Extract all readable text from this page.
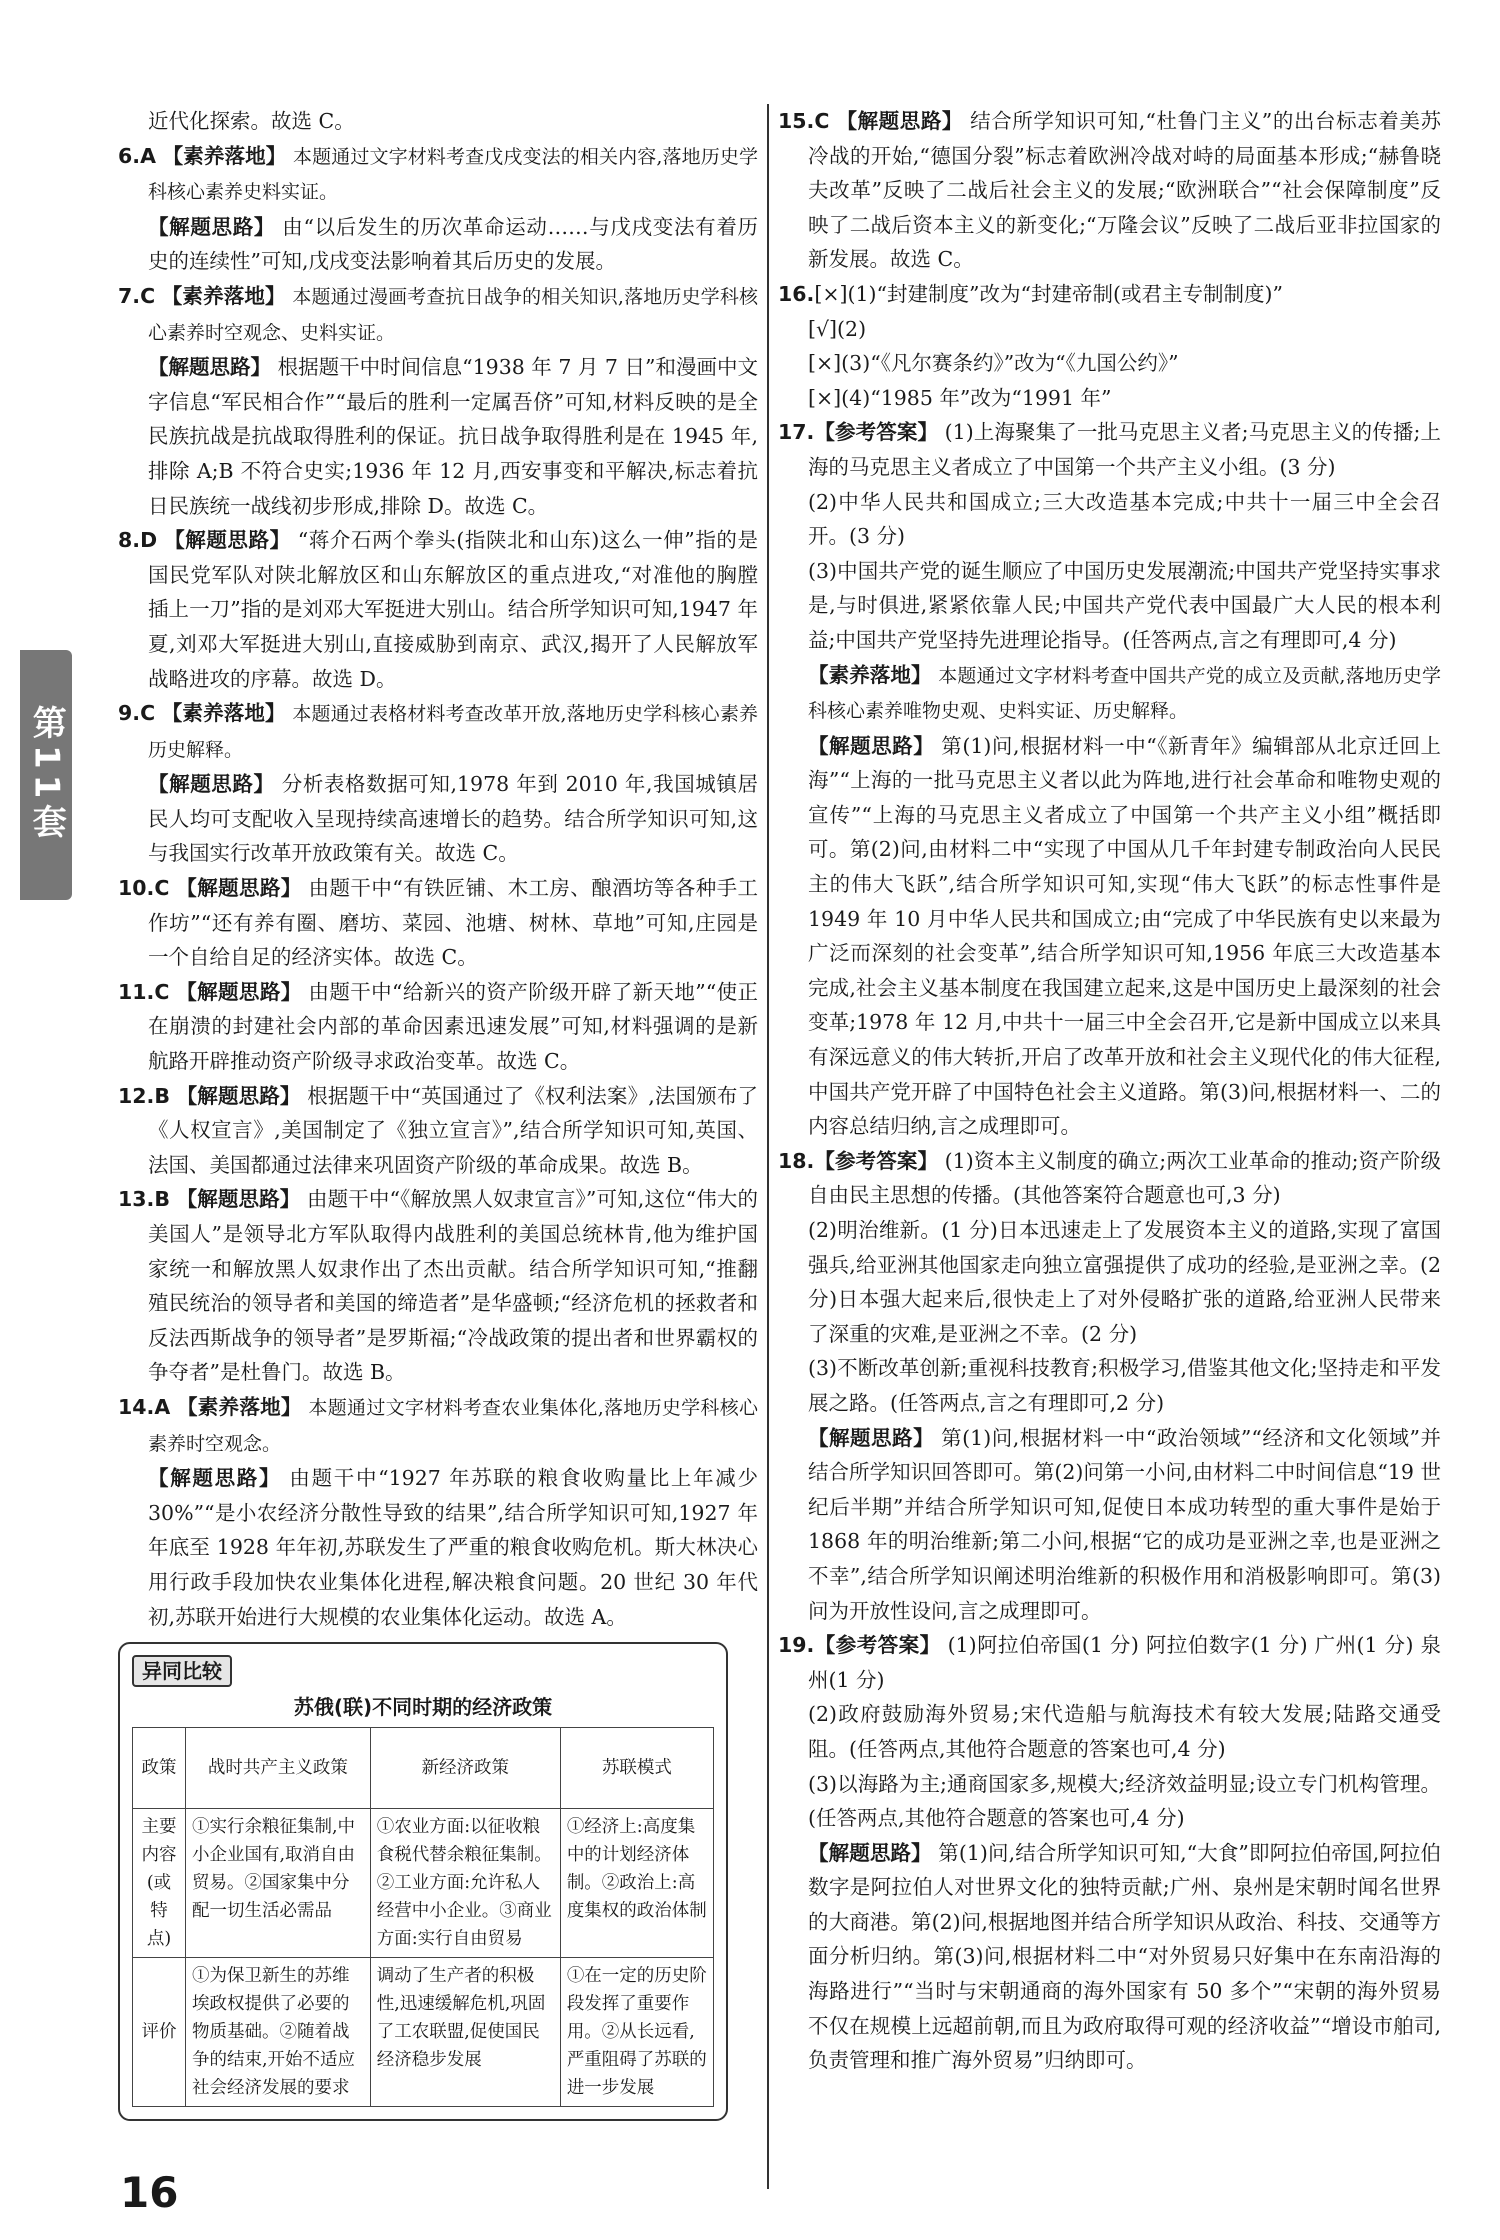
第11套

近代化探索。故选 C。

6.A 【素养落地】 本题通过文字材料考查戊戌变法的相关内容,落地历史学科核心素养史料实证。

【解题思路】 由“以后发生的历次革命运动……与戊戌变法有着历史的连续性”可知,戊戌变法影响着其后历史的发展。

7.C 【素养落地】 本题通过漫画考查抗日战争的相关知识,落地历史学科核心素养时空观念、史料实证。

【解题思路】 根据题干中时间信息“1938 年 7 月 7 日”和漫画中文字信息“军民相合作”“最后的胜利一定属吾侪”可知,材料反映的是全民族抗战是抗战取得胜利的保证。抗日战争取得胜利是在 1945 年,排除 A;B 不符合史实;1936 年 12 月,西安事变和平解决,标志着抗日民族统一战线初步形成,排除 D。故选 C。

8.D 【解题思路】 “蒋介石两个拳头(指陕北和山东)这么一伸”指的是国民党军队对陕北解放区和山东解放区的重点进攻,“对准他的胸膛插上一刀”指的是刘邓大军挺进大别山。结合所学知识可知,1947 年夏,刘邓大军挺进大别山,直接威胁到南京、武汉,揭开了人民解放军战略进攻的序幕。故选 D。

9.C 【素养落地】 本题通过表格材料考查改革开放,落地历史学科核心素养历史解释。

【解题思路】 分析表格数据可知,1978 年到 2010 年,我国城镇居民人均可支配收入呈现持续高速增长的趋势。结合所学知识可知,这与我国实行改革开放政策有关。故选 C。

10.C 【解题思路】 由题干中“有铁匠铺、木工房、酿酒坊等各种手工作坊”“还有养有圈、磨坊、菜园、池塘、树林、草地”可知,庄园是一个自给自足的经济实体。故选 C。

11.C 【解题思路】 由题干中“给新兴的资产阶级开辟了新天地”“使正在崩溃的封建社会内部的革命因素迅速发展”可知,材料强调的是新航路开辟推动资产阶级寻求政治变革。故选 C。

12.B 【解题思路】 根据题干中“英国通过了《权利法案》,法国颁布了《人权宣言》,美国制定了《独立宣言》”,结合所学知识可知,英国、法国、美国都通过法律来巩固资产阶级的革命成果。故选 B。

13.B 【解题思路】 由题干中“《解放黑人奴隶宣言》”可知,这位“伟大的美国人”是领导北方军队取得内战胜利的美国总统林肯,他为维护国家统一和解放黑人奴隶作出了杰出贡献。结合所学知识可知,“推翻殖民统治的领导者和美国的缔造者”是华盛顿;“经济危机的拯救者和反法西斯战争的领导者”是罗斯福;“冷战政策的提出者和世界霸权的争夺者”是杜鲁门。故选 B。

14.A 【素养落地】 本题通过文字材料考查农业集体化,落地历史学科核心素养时空观念。

【解题思路】 由题干中“1927 年苏联的粮食收购量比上年减少 30%”“是小农经济分散性导致的结果”,结合所学知识可知,1927 年年底至 1928 年年初,苏联发生了严重的粮食收购危机。斯大林决心用行政手段加快农业集体化进程,解决粮食问题。20 世纪 30 年代初,苏联开始进行大规模的农业集体化运动。故选 A。

异同比较
苏俄(联)不同时期的经济政策
政策	战时共产主义政策	新经济政策	苏联模式
主要内容(或特点)	①实行余粮征集制,中小企业国有,取消自由贸易。②国家集中分配一切生活必需品	①农业方面:以征收粮食税代替余粮征集制。②工业方面:允许私人经营中小企业。③商业方面:实行自由贸易	①经济上:高度集中的计划经济体制。②政治上:高度集权的政治体制
评价	①为保卫新生的苏维埃政权提供了必要的物质基础。②随着战争的结束,开始不适应社会经济发展的要求	调动了生产者的积极性,迅速缓解危机,巩固了工农联盟,促使国民经济稳步发展	①在一定的历史阶段发挥了重要作用。②从长远看,严重阻碍了苏联的进一步发展

15.C 【解题思路】 结合所学知识可知,“杜鲁门主义”的出台标志着美苏冷战的开始,“德国分裂”标志着欧洲冷战对峙的局面基本形成;“赫鲁晓夫改革”反映了二战后社会主义的发展;“欧洲联合”“社会保障制度”反映了二战后资本主义的新变化;“万隆会议”反映了二战后亚非拉国家的新发展。故选 C。

16.[×](1)“封建制度”改为“封建帝制(或君主专制制度)”

[√](2)

[×](3)“《凡尔赛条约》”改为“《九国公约》”

[×](4)“1985 年”改为“1991 年”

17.【参考答案】 (1)上海聚集了一批马克思主义者;马克思主义的传播;上海的马克思主义者成立了中国第一个共产主义小组。(3 分)

(2)中华人民共和国成立;三大改造基本完成;中共十一届三中全会召开。(3 分)

(3)中国共产党的诞生顺应了中国历史发展潮流;中国共产党坚持实事求是,与时俱进,紧紧依靠人民;中国共产党代表中国最广大人民的根本利益;中国共产党坚持先进理论指导。(任答两点,言之有理即可,4 分)

【素养落地】 本题通过文字材料考查中国共产党的成立及贡献,落地历史学科核心素养唯物史观、史料实证、历史解释。

【解题思路】 第(1)问,根据材料一中“《新青年》编辑部从北京迁回上海”“上海的一批马克思主义者以此为阵地,进行社会革命和唯物史观的宣传”“上海的马克思主义者成立了中国第一个共产主义小组”概括即可。第(2)问,由材料二中“实现了中国从几千年封建专制政治向人民民主的伟大飞跃”,结合所学知识可知,实现“伟大飞跃”的标志性事件是 1949 年 10 月中华人民共和国成立;由“完成了中华民族有史以来最为广泛而深刻的社会变革”,结合所学知识可知,1956 年底三大改造基本完成,社会主义基本制度在我国建立起来,这是中国历史上最深刻的社会变革;1978 年 12 月,中共十一届三中全会召开,它是新中国成立以来具有深远意义的伟大转折,开启了改革开放和社会主义现代化的伟大征程,中国共产党开辟了中国特色社会主义道路。第(3)问,根据材料一、二的内容总结归纳,言之成理即可。

18.【参考答案】 (1)资本主义制度的确立;两次工业革命的推动;资产阶级自由民主思想的传播。(其他答案符合题意也可,3 分)

(2)明治维新。(1 分)日本迅速走上了发展资本主义的道路,实现了富国强兵,给亚洲其他国家走向独立富强提供了成功的经验,是亚洲之幸。(2 分)日本强大起来后,很快走上了对外侵略扩张的道路,给亚洲人民带来了深重的灾难,是亚洲之不幸。(2 分)

(3)不断改革创新;重视科技教育;积极学习,借鉴其他文化;坚持走和平发展之路。(任答两点,言之有理即可,2 分)

【解题思路】 第(1)问,根据材料一中“政治领域”“经济和文化领域”并结合所学知识回答即可。第(2)问第一小问,由材料二中时间信息“19 世纪后半期”并结合所学知识可知,促使日本成功转型的重大事件是始于 1868 年的明治维新;第二小问,根据“它的成功是亚洲之幸,也是亚洲之不幸”,结合所学知识阐述明治维新的积极作用和消极影响即可。第(3)问为开放性设问,言之成理即可。

19.【参考答案】 (1)阿拉伯帝国(1 分) 阿拉伯数字(1 分) 广州(1 分) 泉州(1 分)

(2)政府鼓励海外贸易;宋代造船与航海技术有较大发展;陆路交通受阻。(任答两点,其他符合题意的答案也可,4 分)

(3)以海路为主;通商国家多,规模大;经济效益明显;设立专门机构管理。(任答两点,其他符合题意的答案也可,4 分)

【解题思路】 第(1)问,结合所学知识可知,“大食”即阿拉伯帝国,阿拉伯数字是阿拉伯人对世界文化的独特贡献;广州、泉州是宋朝时闻名世界的大商港。第(2)问,根据地图并结合所学知识从政治、科技、交通等方面分析归纳。第(3)问,根据材料二中“对外贸易只好集中在东南沿海的海路进行”“当时与宋朝通商的海外国家有 50 多个”“宋朝的海外贸易不仅在规模上远超前朝,而且为政府取得可观的经济收益”“增设市舶司,负责管理和推广海外贸易”归纳即可。

16
